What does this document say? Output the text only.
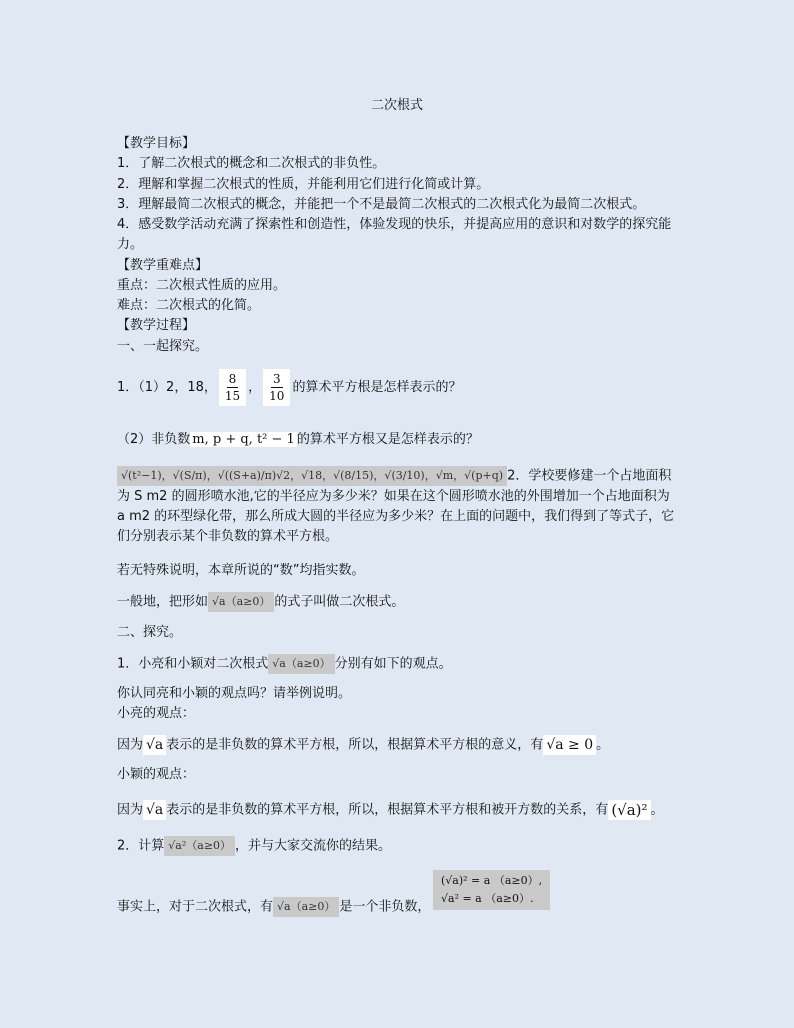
二次根式
【教学目标】
1．了解二次根式的概念和二次根式的非负性。
2．理解和掌握二次根式的性质，并能利用它们进行化简或计算。
3．理解最简二次根式的概念，并能把一个不是最简二次根式的二次根式化为最简二次根式。
4．感受数学活动充满了探索性和创造性，体验发现的快乐，并提高应用的意识和对数学的探究能力。
【教学重难点】
重点：二次根式性质的应用。
难点：二次根式的化简。
【教学过程】
一、一起探究。
1．（1）2，18， $\frac{8}{15}$ ， $\frac{3}{10}$ 的算术平方根是怎样表示的？
（2）非负数 m, p + q, t² − 1 的算术平方根又是怎样表示的？
√(t²−1)，√(S/π)，√((S+a)/π)√2，√18，√(8/15)，√(3/10)，√m，√(p+q) 2．学校要修建一个占地面积为 S m2 的圆形喷水池,它的半径应为多少米？如果在这个圆形喷水池的外围增加一个占地面积为 a m2 的环型绿化带，那么所成大圆的半径应为多少米？在上面的问题中，我们得到了等式子，它们分别表示某个非负数的算术平方根。
若无特殊说明，本章所说的“数”均指实数。
一般地，把形如 √a（a≥0） 的式子叫做二次根式。
二、探究。
1．小亮和小颖对二次根式 √a（a≥0） 分别有如下的观点。
你认同亮和小颖的观点吗？请举例说明。
小亮的观点：
因为 √a 表示的是非负数的算术平方根，所以，根据算术平方根的意义，有 √a ≥ 0 。
小颖的观点：
因为 √a 表示的是非负数的算术平方根，所以，根据算术平方根和被开方数的关系，有 (√a)² 。
2．计算 √a²（a≥0） ，并与大家交流你的结果。
事实上，对于二次根式，有 √a（a≥0） 是一个非负数，
(√a)² = a （a≥0）,
√a² = a （a≥0）.
